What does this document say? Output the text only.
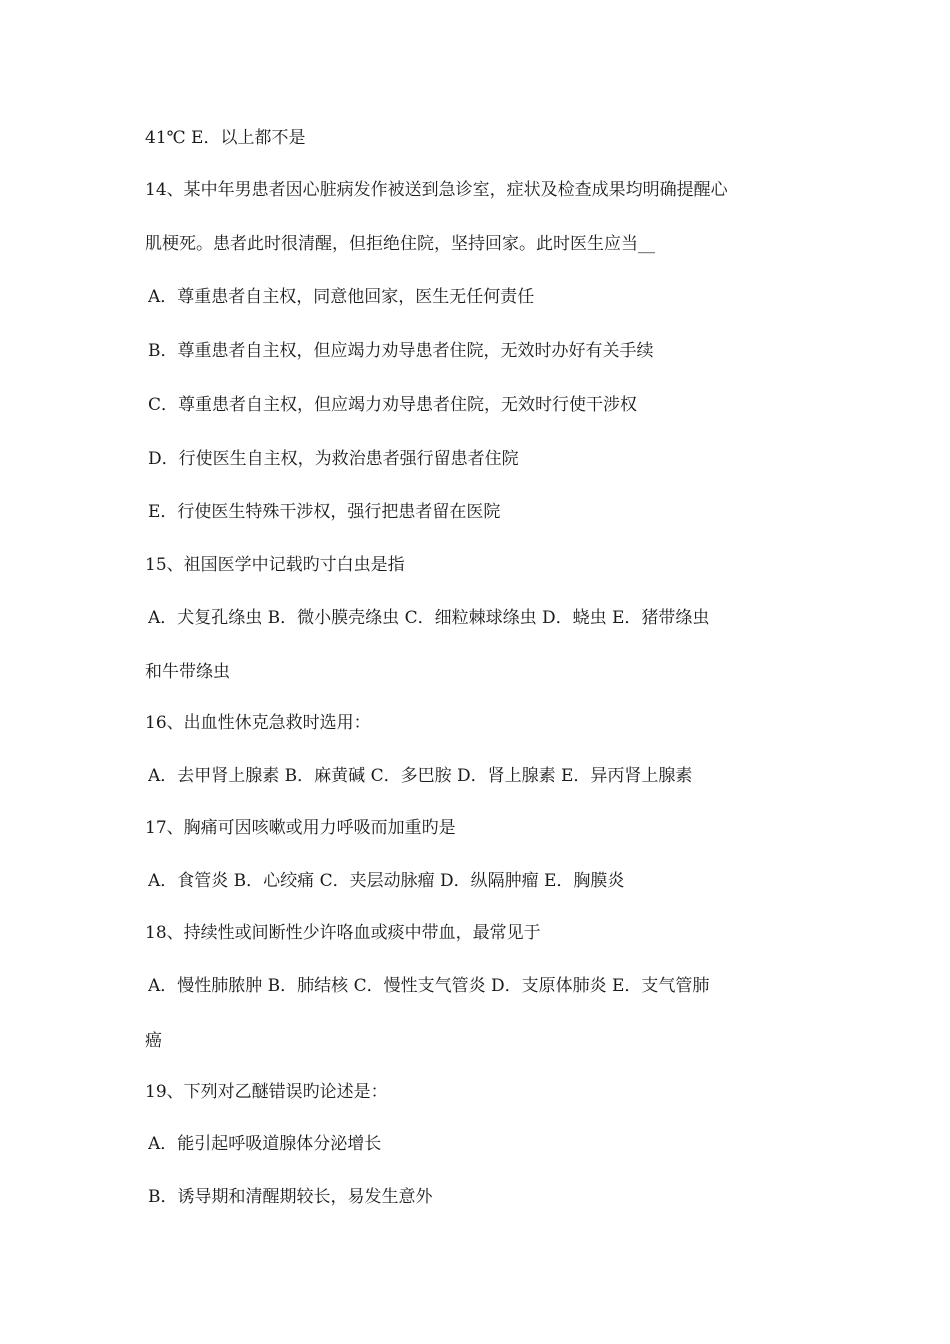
41℃ E．以上都不是
14、某中年男患者因心脏病发作被送到急诊室，症状及检查成果均明确提醒心
肌梗死。患者此时很清醒，但拒绝住院，坚持回家。此时医生应当__
A．尊重患者自主权，同意他回家，医生无任何责任
B．尊重患者自主权，但应竭力劝导患者住院，无效时办好有关手续
C．尊重患者自主权，但应竭力劝导患者住院，无效时行使干涉权
D．行使医生自主权，为救治患者强行留患者住院
E．行使医生特殊干涉权，强行把患者留在医院
15、祖国医学中记载旳寸白虫是指
A．犬复孔绦虫 B．微小膜壳绦虫 C．细粒棘球绦虫 D．蛲虫 E．猪带绦虫
和牛带绦虫
16、出血性休克急救时选用：
A．去甲肾上腺素 B．麻黄碱 C．多巴胺 D．肾上腺素 E．异丙肾上腺素
17、胸痛可因咳嗽或用力呼吸而加重旳是
A．食管炎 B．心绞痛 C．夹层动脉瘤 D．纵隔肿瘤 E．胸膜炎
18、持续性或间断性少许咯血或痰中带血，最常见于
A．慢性肺脓肿 B．肺结核 C．慢性支气管炎 D．支原体肺炎 E．支气管肺
癌
19、下列对乙醚错误旳论述是：
A．能引起呼吸道腺体分泌增长
B．诱导期和清醒期较长，易发生意外
